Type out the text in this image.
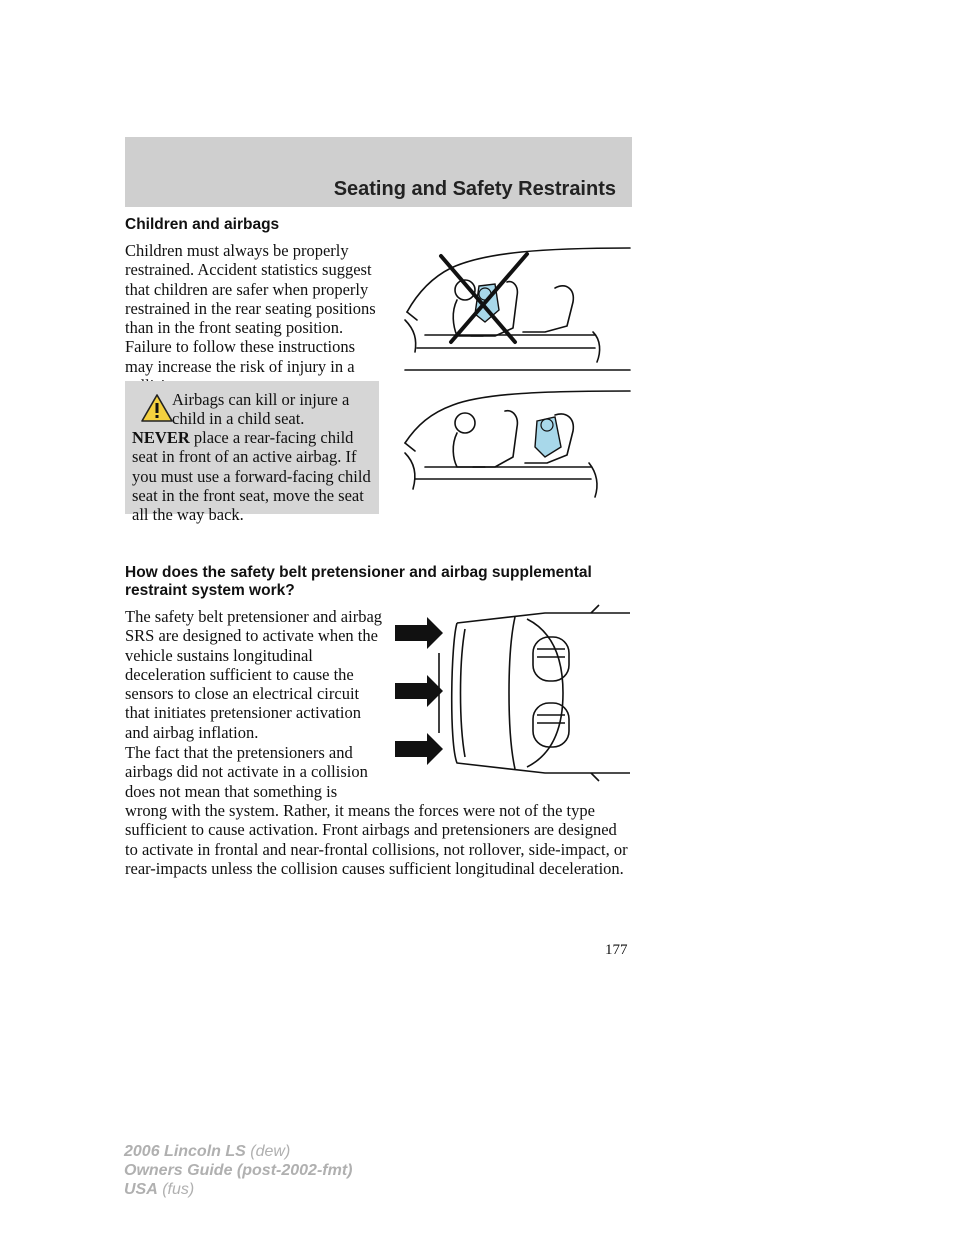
Seating and Safety Restraints
Children and airbags
Children must always be properly restrained. Accident statistics suggest that children are safer when properly restrained in the rear seating positions than in the front seating position. Failure to follow these instructions may increase the risk of injury in a
Airbags can kill or injure a child in a child seat.
NEVER place a rear-facing child seat in front of an active airbag. If you must use a forward-facing child seat in the front seat, move the seat all the way back.
How does the safety belt pretensioner and airbag supplemental restraint system work?
The safety belt pretensioner and airbag SRS are designed to activate when the vehicle sustains longitudinal deceleration sufficient to cause the sensors to close an electrical circuit that initiates pretensioner activation and airbag inflation.
The fact that the pretensioners and airbags did not activate in a collision does not mean that something is
wrong with the system. Rather, it means the forces were not of the type sufficient to cause activation. Front airbags and pretensioners are designed to activate in frontal and near-frontal collisions, not rollover, side-impact, or rear-impacts unless the collision causes sufficient longitudinal deceleration.
177
2006 Lincoln LS (dew)
Owners Guide (post-2002-fmt)
USA (fus)
